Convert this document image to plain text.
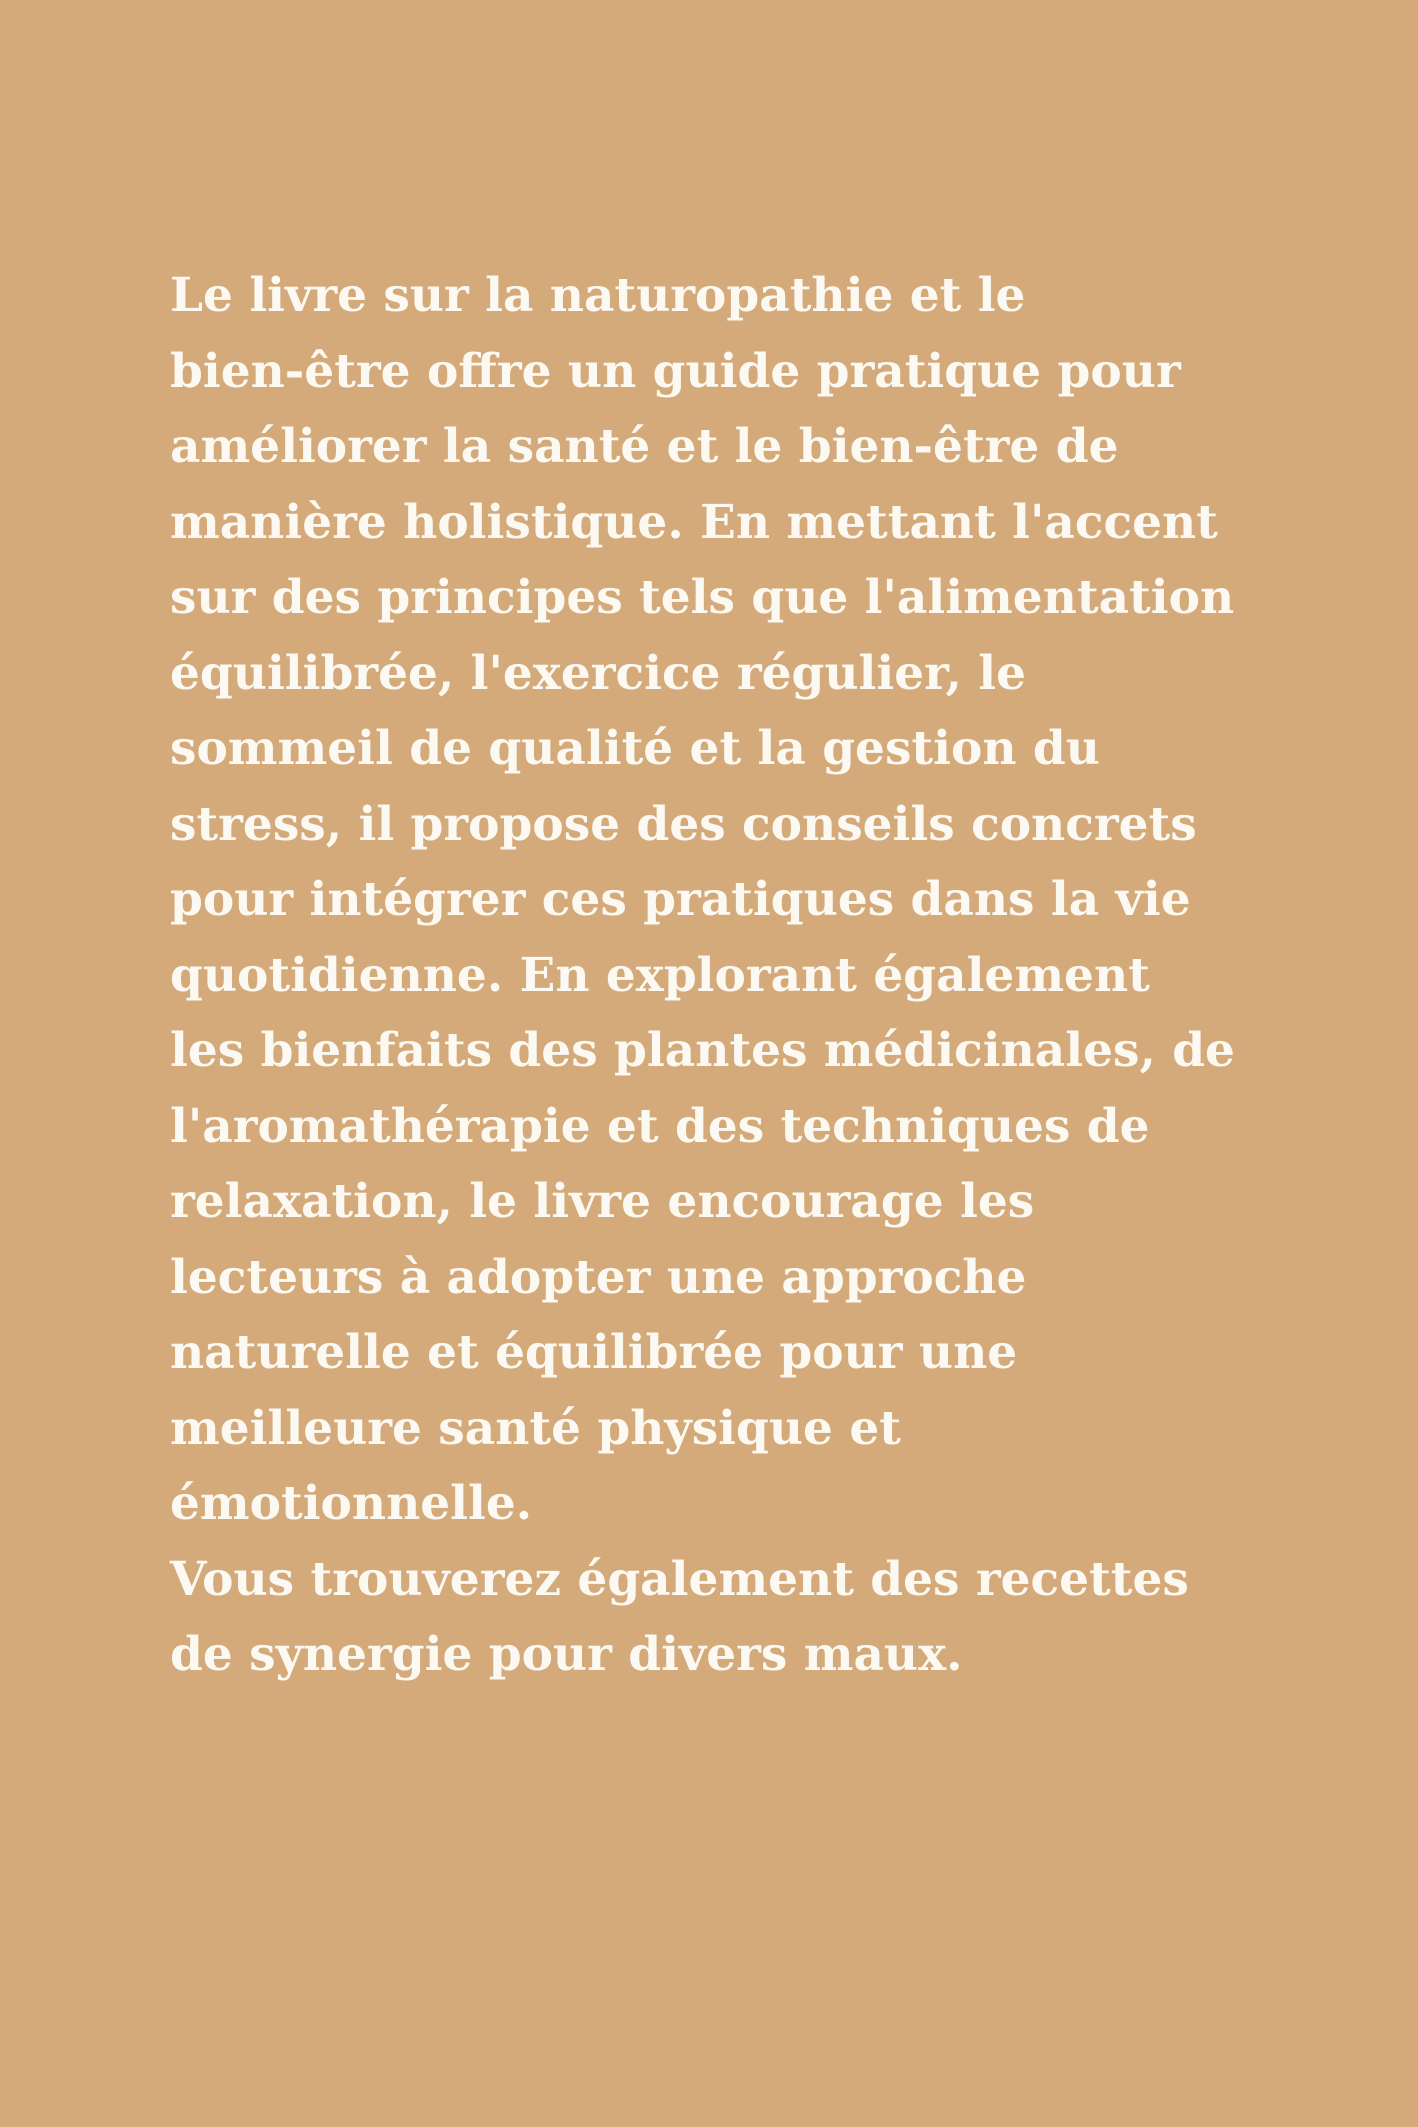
Le livre sur la naturopathie et le
bien-être offre un guide pratique pour
améliorer la santé et le bien-être de
manière holistique. En mettant l'accent
sur des principes tels que l'alimentation
équilibrée, l'exercice régulier, le
sommeil de qualité et la gestion du
stress, il propose des conseils concrets
pour intégrer ces pratiques dans la vie
quotidienne. En explorant également
les bienfaits des plantes médicinales, de
l'aromathérapie et des techniques de
relaxation, le livre encourage les
lecteurs à adopter une approche
naturelle et équilibrée pour une
meilleure santé physique et
émotionnelle.
Vous trouverez également des recettes
de synergie pour divers maux.
